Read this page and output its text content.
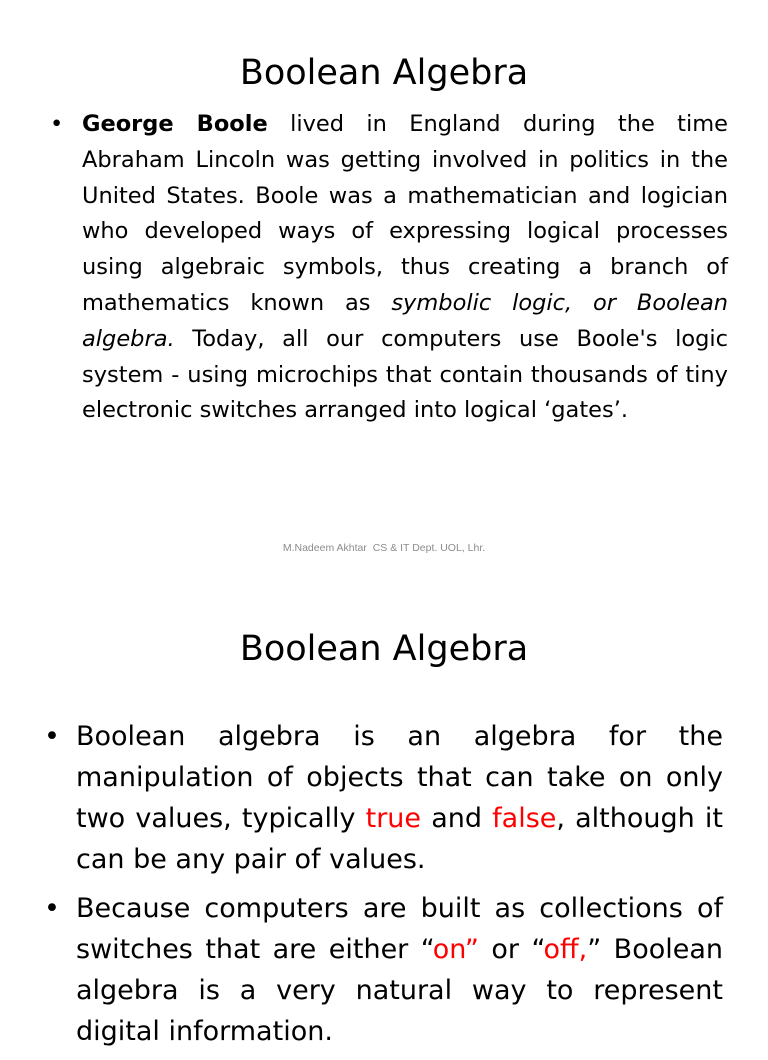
Boolean Algebra
• George Boole lived in England during the time Abraham Lincoln was getting involved in politics in the United States. Boole was a mathematician and logician who developed ways of expressing logical processes using algebraic symbols, thus creating a branch of mathematics known as symbolic logic, or Boolean algebra. Today, all our computers use Boole's logic system - using microchips that contain thousands of tiny electronic switches arranged into logical ‘gates’.
M.Nadeem Akhtar  CS & IT Dept. UOL, Lhr.
Boolean Algebra
• Boolean algebra is an algebra for the manipulation of objects that can take on only two values, typically true and false, although it can be any pair of values.
• Because computers are built as collections of switches that are either “on” or “off,” Boolean algebra is a very natural way to represent digital information.
